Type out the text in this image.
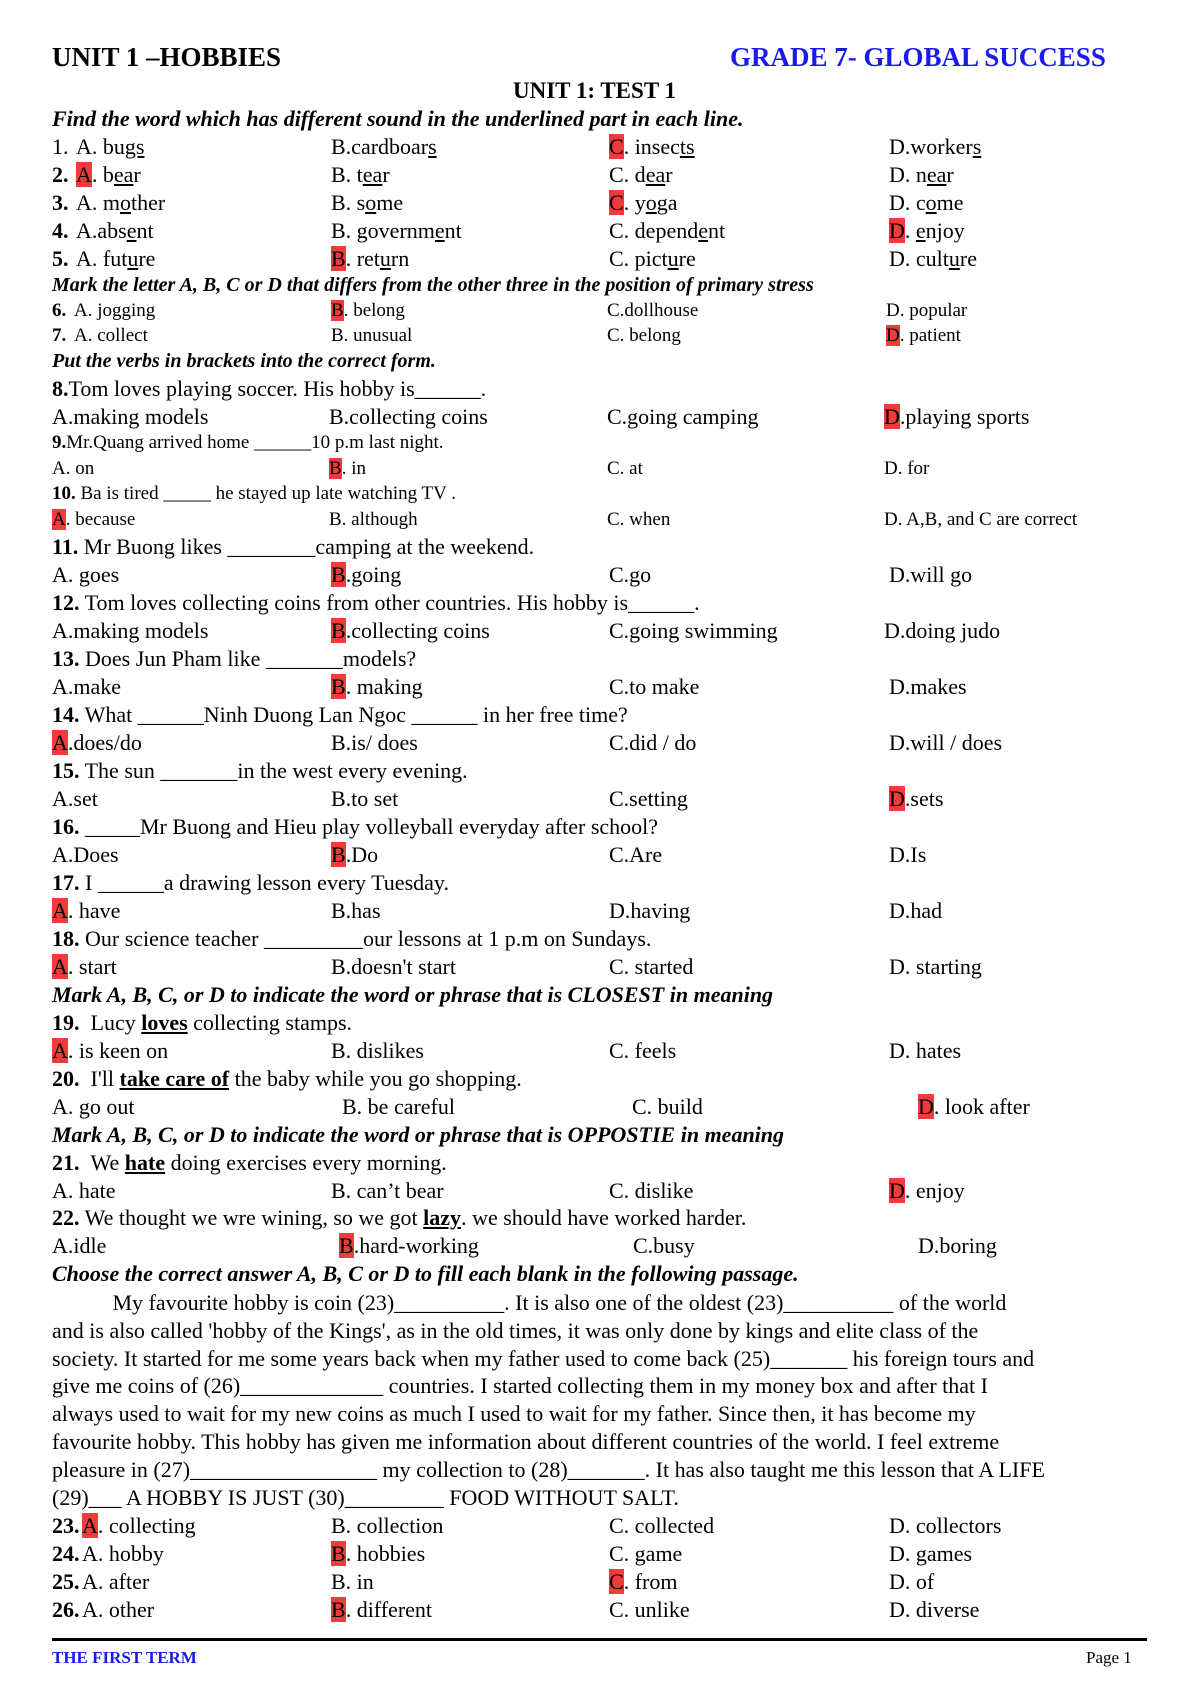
UNIT 1 –HOBBIES	GRADE 7- GLOBAL SUCCESS
UNIT 1: TEST 1
Find the word which has different sound in the underlined part in each line.
1. A. bugs	B.cardboars	C. insects	D.workers
2. A. bear	B. tear	C. dear	D. near
3. A. mother	B. some	C. yoga	D. come
4. A.absent	B. government	C. dependent	D. enjoy
5. A. future	B. return	C. picture	D. culture
Mark the letter A, B, C or D that differs from the other three in the position of primary stress
6. A. jogging	B. belong	C.dollhouse	D. popular
7. A. collect	B. unusual	C. belong	D. patient
Put the verbs in brackets into the correct form.
8.Tom loves playing soccer. His hobby is______.
A.making models	B.collecting coins	C.going camping	D.playing sports
9.Mr.Quang arrived home ______10 p.m last night.
A. on	B. in	C. at	D. for
10. Ba is tired _____ he stayed up late watching TV .
A. because	B. although	C. when	D. A,B, and C are correct
11. Mr Buong likes ________camping at the weekend.
A. goes	B.going	C.go	D.will go
12. Tom loves collecting coins from other countries. His hobby is______.
A.making models	B.collecting coins	C.going swimming	D.doing judo
13. Does Jun Pham like _______models?
A.make	B. making	C.to make	D.makes
14. What ______Ninh Duong Lan Ngoc ______ in her free time?
A.does/do	B.is/ does	C.did / do	D.will / does
15. The sun _______in the west every evening.
A.set	B.to set	C.setting	D.sets
16. _____Mr Buong and Hieu play volleyball everyday after school?
A.Does	B.Do	C.Are	D.Is
17. I ______a drawing lesson every Tuesday.
A. have	B.has	D.having	D.had
18. Our science teacher _________our lessons at 1 p.m on Sundays.
A. start	B.doesn't start	C. started	D. starting
Mark A, B, C, or D to indicate the word or phrase that is CLOSEST in meaning
19. Lucy loves collecting stamps.
A. is keen on	B. dislikes	C. feels	D. hates
20. I'll take care of the baby while you go shopping.
A. go out	B. be careful	C. build	D. look after
Mark A, B, C, or D to indicate the word or phrase that is OPPOSTIE in meaning
21. We hate doing exercises every morning.
A. hate	B. can’t bear	C. dislike	D. enjoy
22. We thought we wre wining, so we got lazy. we should have worked harder.
A.idle	B.hard-working	C.busy	D.boring
Choose the correct answer A, B, C or D to fill each blank in the following passage.

My favourite hobby is coin (23)__________. It is also one of the oldest (23)__________ of the world

and is also called 'hobby of the Kings', as in the old times, it was only done by kings and elite class of the

society. It started for me some years back when my father used to come back (25)_______ his foreign tours and

give me coins of (26)_____________ countries. I started collecting them in my money box and after that I

always used to wait for my new coins as much I used to wait for my father. Since then, it has become my

favourite hobby. This hobby has given me information about different countries of the world. I feel extreme

pleasure in (27)_________________ my collection to (28)_______. It has also taught me this lesson that A LIFE

(29)___ A HOBBY IS JUST (30)_________ FOOD WITHOUT SALT.

23. A. collecting	B. collection	C. collected	D. collectors
24. A. hobby	B. hobbies	C. game	D. games
25. A. after	B. in	C. from	D. of
26. A. other	B. different	C. unlike	D. diverse
THE FIRST TERM	Page 1
